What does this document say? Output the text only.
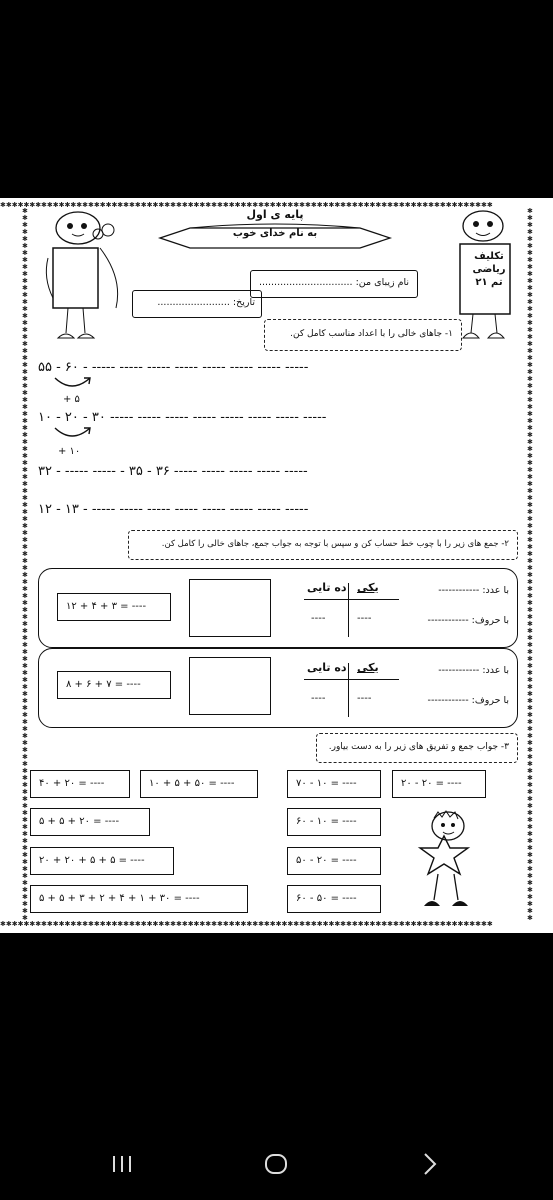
✱✱✱✱✱✱✱✱✱✱✱✱✱✱✱✱✱✱✱✱✱✱✱✱✱✱✱✱✱✱✱✱✱✱✱✱✱✱✱✱✱✱✱✱✱✱✱✱✱✱✱✱✱✱✱✱✱✱✱✱✱✱✱✱✱✱✱✱✱✱✱✱✱✱✱✱✱✱✱✱✱✱✱✱
✱✱✱✱✱✱✱✱✱✱✱✱✱✱✱✱✱✱✱✱✱✱✱✱✱✱✱✱✱✱✱✱✱✱✱✱✱✱✱✱✱✱✱✱✱✱✱✱✱✱✱✱✱✱✱✱✱✱✱✱✱✱✱✱✱✱✱✱✱✱✱✱✱✱✱✱✱✱✱✱✱✱✱✱
✱✱✱✱✱✱✱✱✱✱✱✱✱✱✱✱✱✱✱✱✱✱✱✱✱✱✱✱✱✱✱✱✱✱✱✱✱✱✱✱✱✱✱✱✱✱✱✱✱✱✱✱✱✱✱✱✱✱✱✱✱✱✱✱✱✱✱✱✱✱✱✱✱✱✱✱✱✱✱✱✱✱✱✱✱✱✱✱✱✱✱✱✱✱✱✱✱✱✱✱✱✱
✱✱✱✱✱✱✱✱✱✱✱✱✱✱✱✱✱✱✱✱✱✱✱✱✱✱✱✱✱✱✱✱✱✱✱✱✱✱✱✱✱✱✱✱✱✱✱✱✱✱✱✱✱✱✱✱✱✱✱✱✱✱✱✱✱✱✱✱✱✱✱✱✱✱✱✱✱✱✱✱✱✱✱✱✱✱✱✱✱✱✱✱✱✱✱✱✱✱✱✱✱✱
پایه ی اول
به نام خدای خوب
تکلیف
ریاضی
تم ۲۱
نام زیبای من: ...............................
تاریخ: ........................
۱- جاهای خالی را با اعداد مناسب کامل کن.
۵۵ - ۶۰ - ----- ----- ----- ----- ----- ----- ----- -----
+ ۵
۱۰ - ۲۰ - ۳۰ ----- ----- ----- ----- ----- ----- ----- -----
+ ۱۰
۳۲ - ----- ----- - ۳۵ - ۳۶ ----- ----- ----- ----- -----
۱۲ - ۱۳ - ----- ----- ----- ----- ----- ----- ----- -----
۲- جمع های زیر را با چوب خط حساب کن و سپس با توجه به جواب جمع، جاهای خالی را کامل کن.
۱۲ + ۴ + ۳ = ----
یکی
ده تایی
----	----
با عدد: ------------
با حروف: ------------
۸ + ۶ + ۷ = ----
یکی
ده تایی
----	----
با عدد: ------------
با حروف: ------------
۳- جواب جمع و تفریق های زیر را به دست بیاور.
۴۰ + ۲۰ = ----	۱۰ + ۵ + ۵۰ = ----
۵ + ۵ + ۲۰ = ----
۲۰ + ۲۰ + ۵ + ۵ = ----
۵ + ۵ + ۳ + ۲ + ۴ + ۱ + ۳۰ = ----
۷۰ - ۱۰ = ----	۲۰ - ۲۰ = ----
۶۰ - ۱۰ = ----
۵۰ - ۲۰ = ----
۶۰ - ۵۰ = ----
